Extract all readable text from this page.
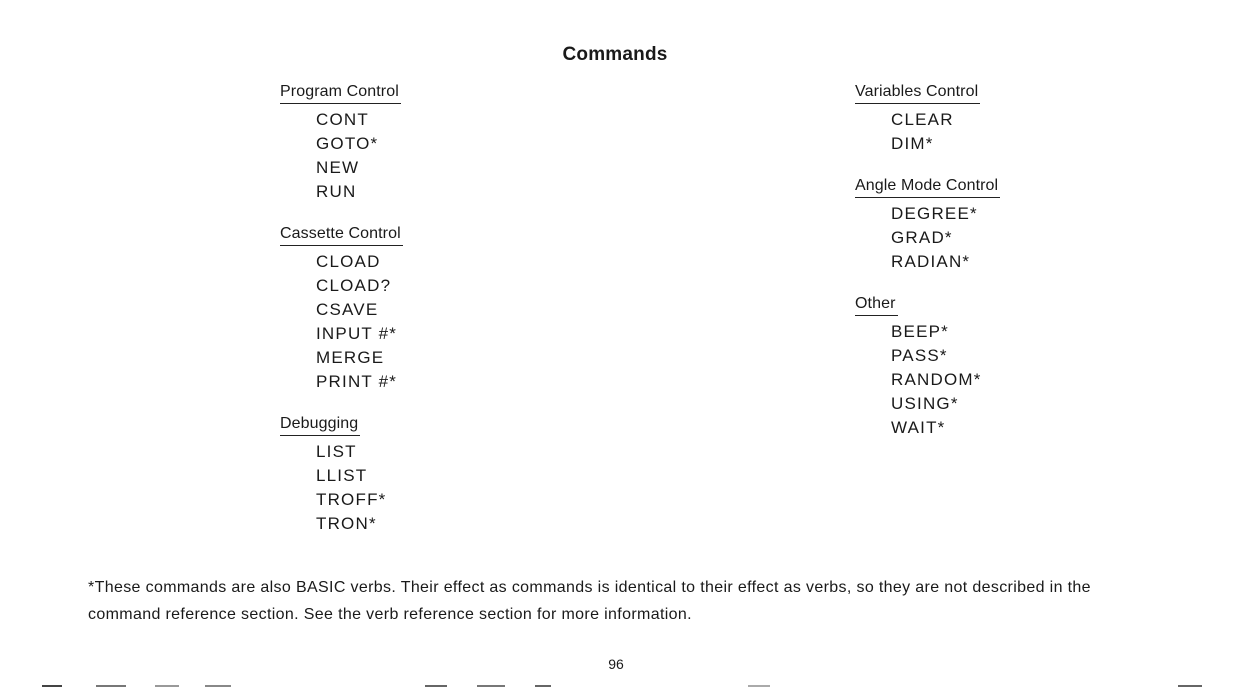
Commands
Program Control
CONT
GOTO*
NEW
RUN
Cassette Control
CLOAD
CLOAD?
CSAVE
INPUT #*
MERGE
PRINT #*
Debugging
LIST
LLIST
TROFF*
TRON*
Variables Control
CLEAR
DIM*
Angle Mode Control
DEGREE*
GRAD*
RADIAN*
Other
BEEP*
PASS*
RANDOM*
USING*
WAIT*
*These commands are also BASIC verbs. Their effect as commands is identical to their effect as verbs, so they are not described in the command reference section. See the verb reference section for more information.
96
